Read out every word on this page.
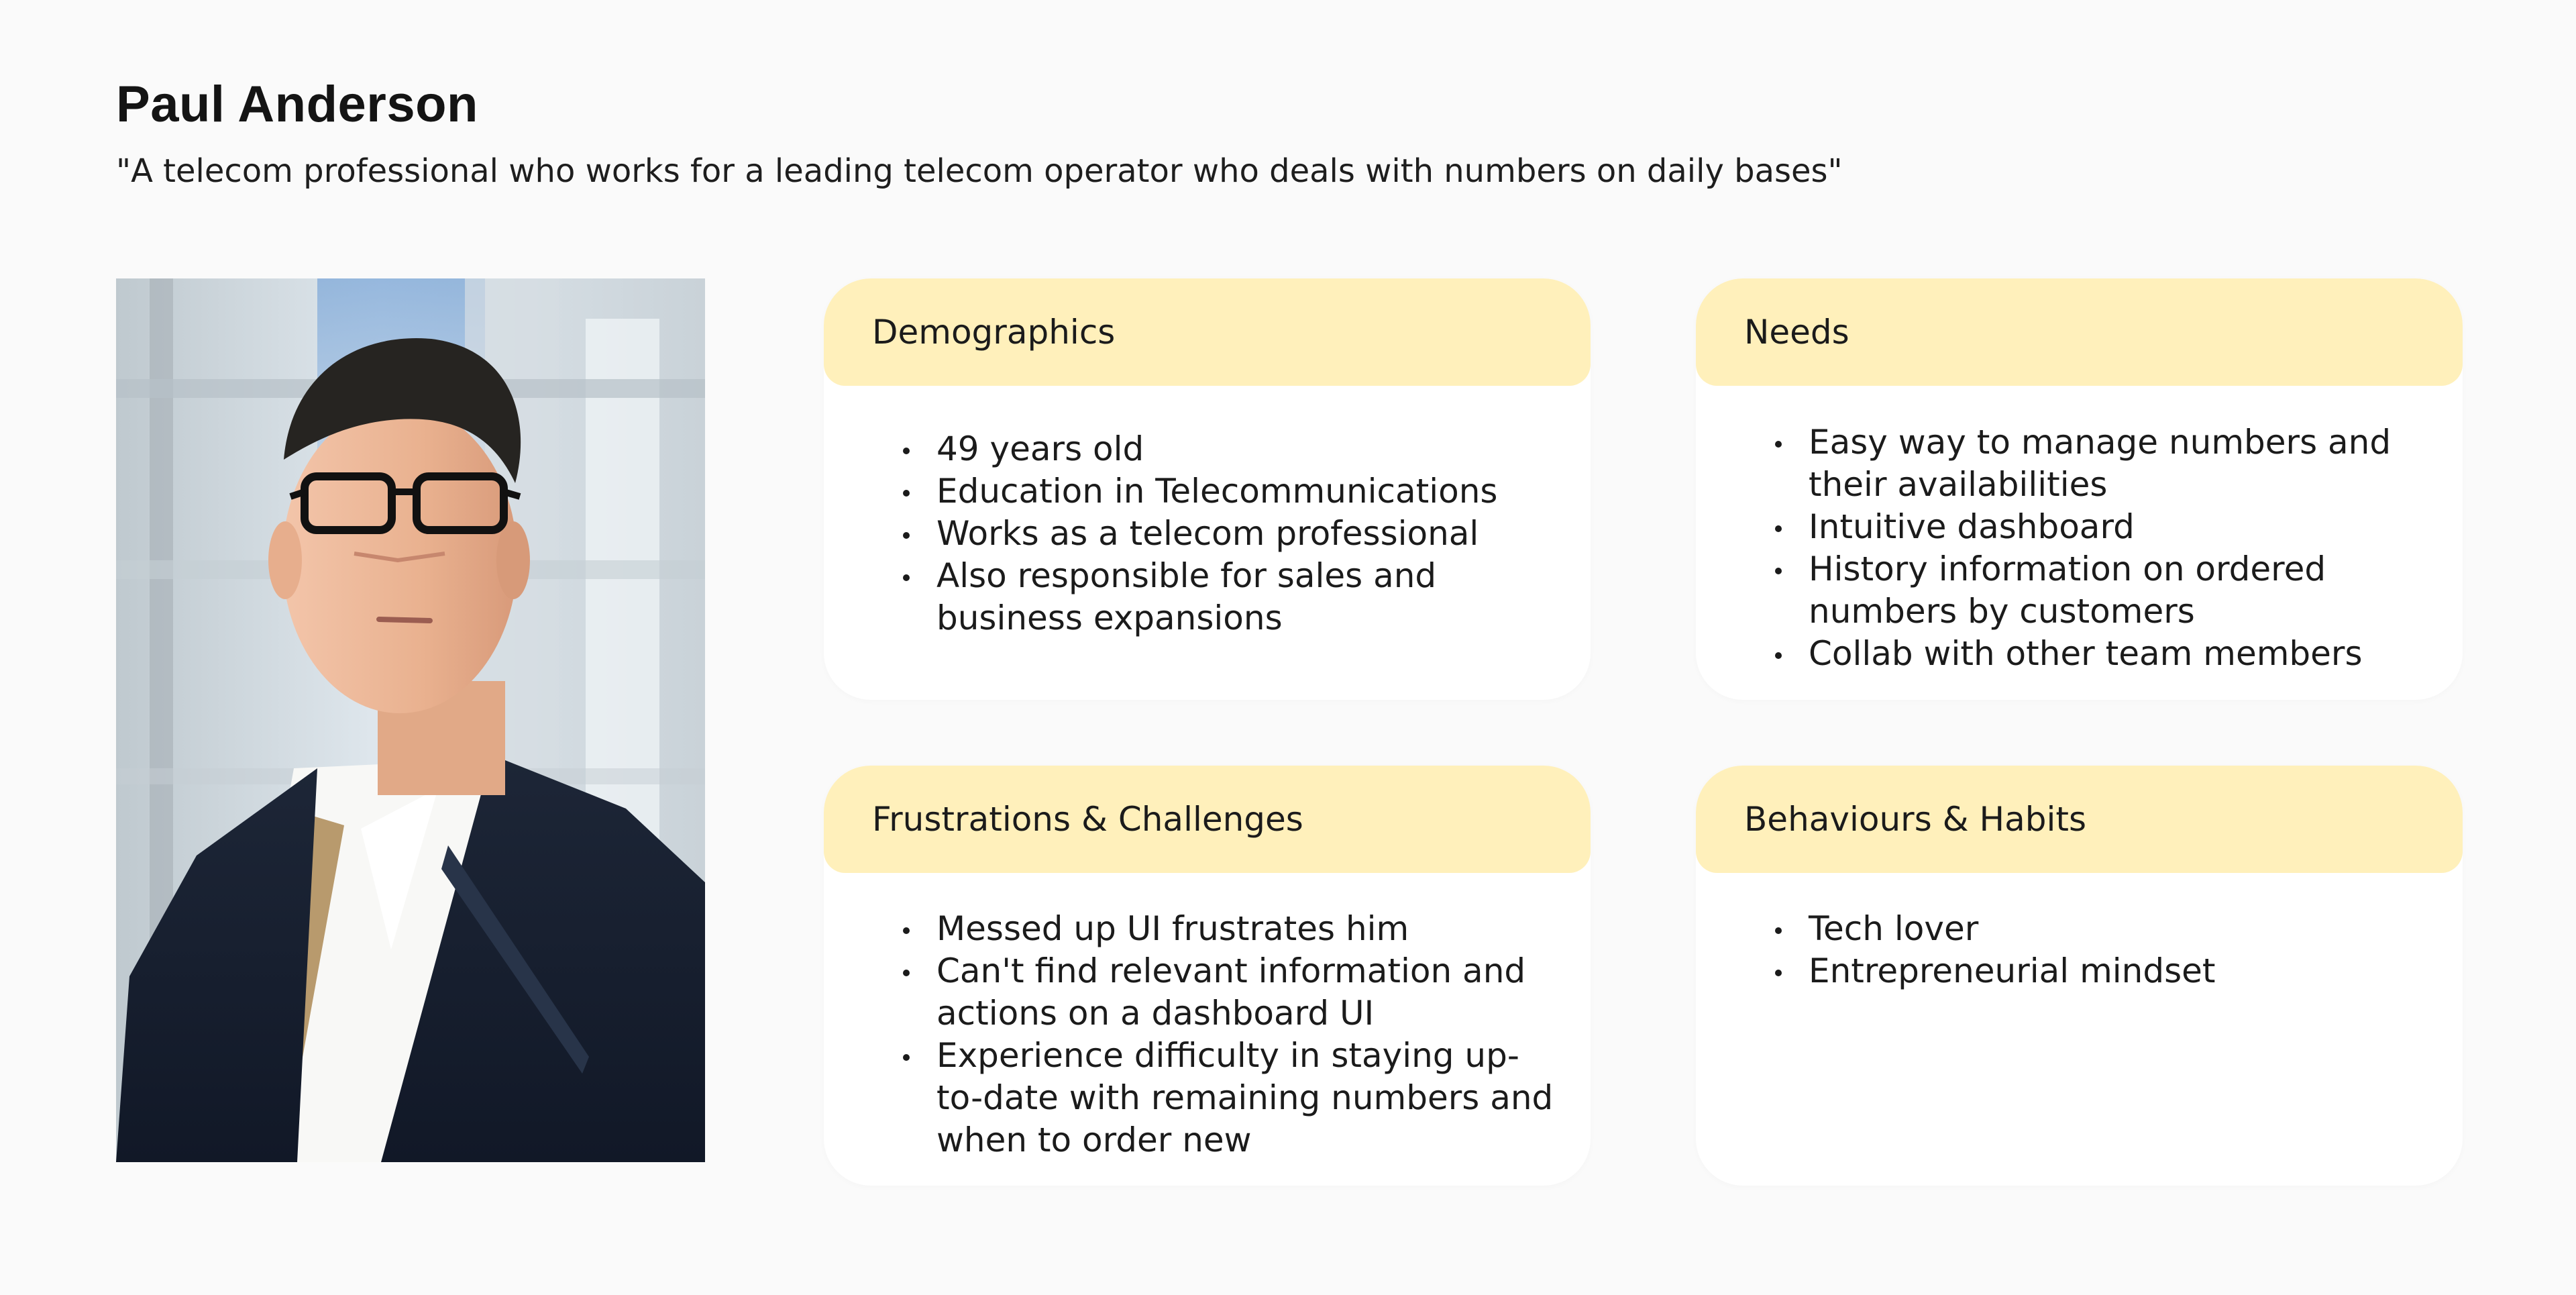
Paul Anderson

"A telecom professional who works for a leading telecom operator who deals with numbers on daily bases"

Demographics
49 years old
Education in Telecommunications
Works as a telecom professional
Also responsible for sales and business expansions
Needs
Easy way to manage numbers and their availabilities
Intuitive dashboard
History information on ordered numbers by customers
Collab with other team members
Frustrations & Challenges
Messed up UI frustrates him
Can't find relevant information and actions on a dashboard UI
Experience difficulty in staying up-to-date with remaining numbers and when to order new
Behaviours & Habits
Tech lover
Entrepreneurial mindset
